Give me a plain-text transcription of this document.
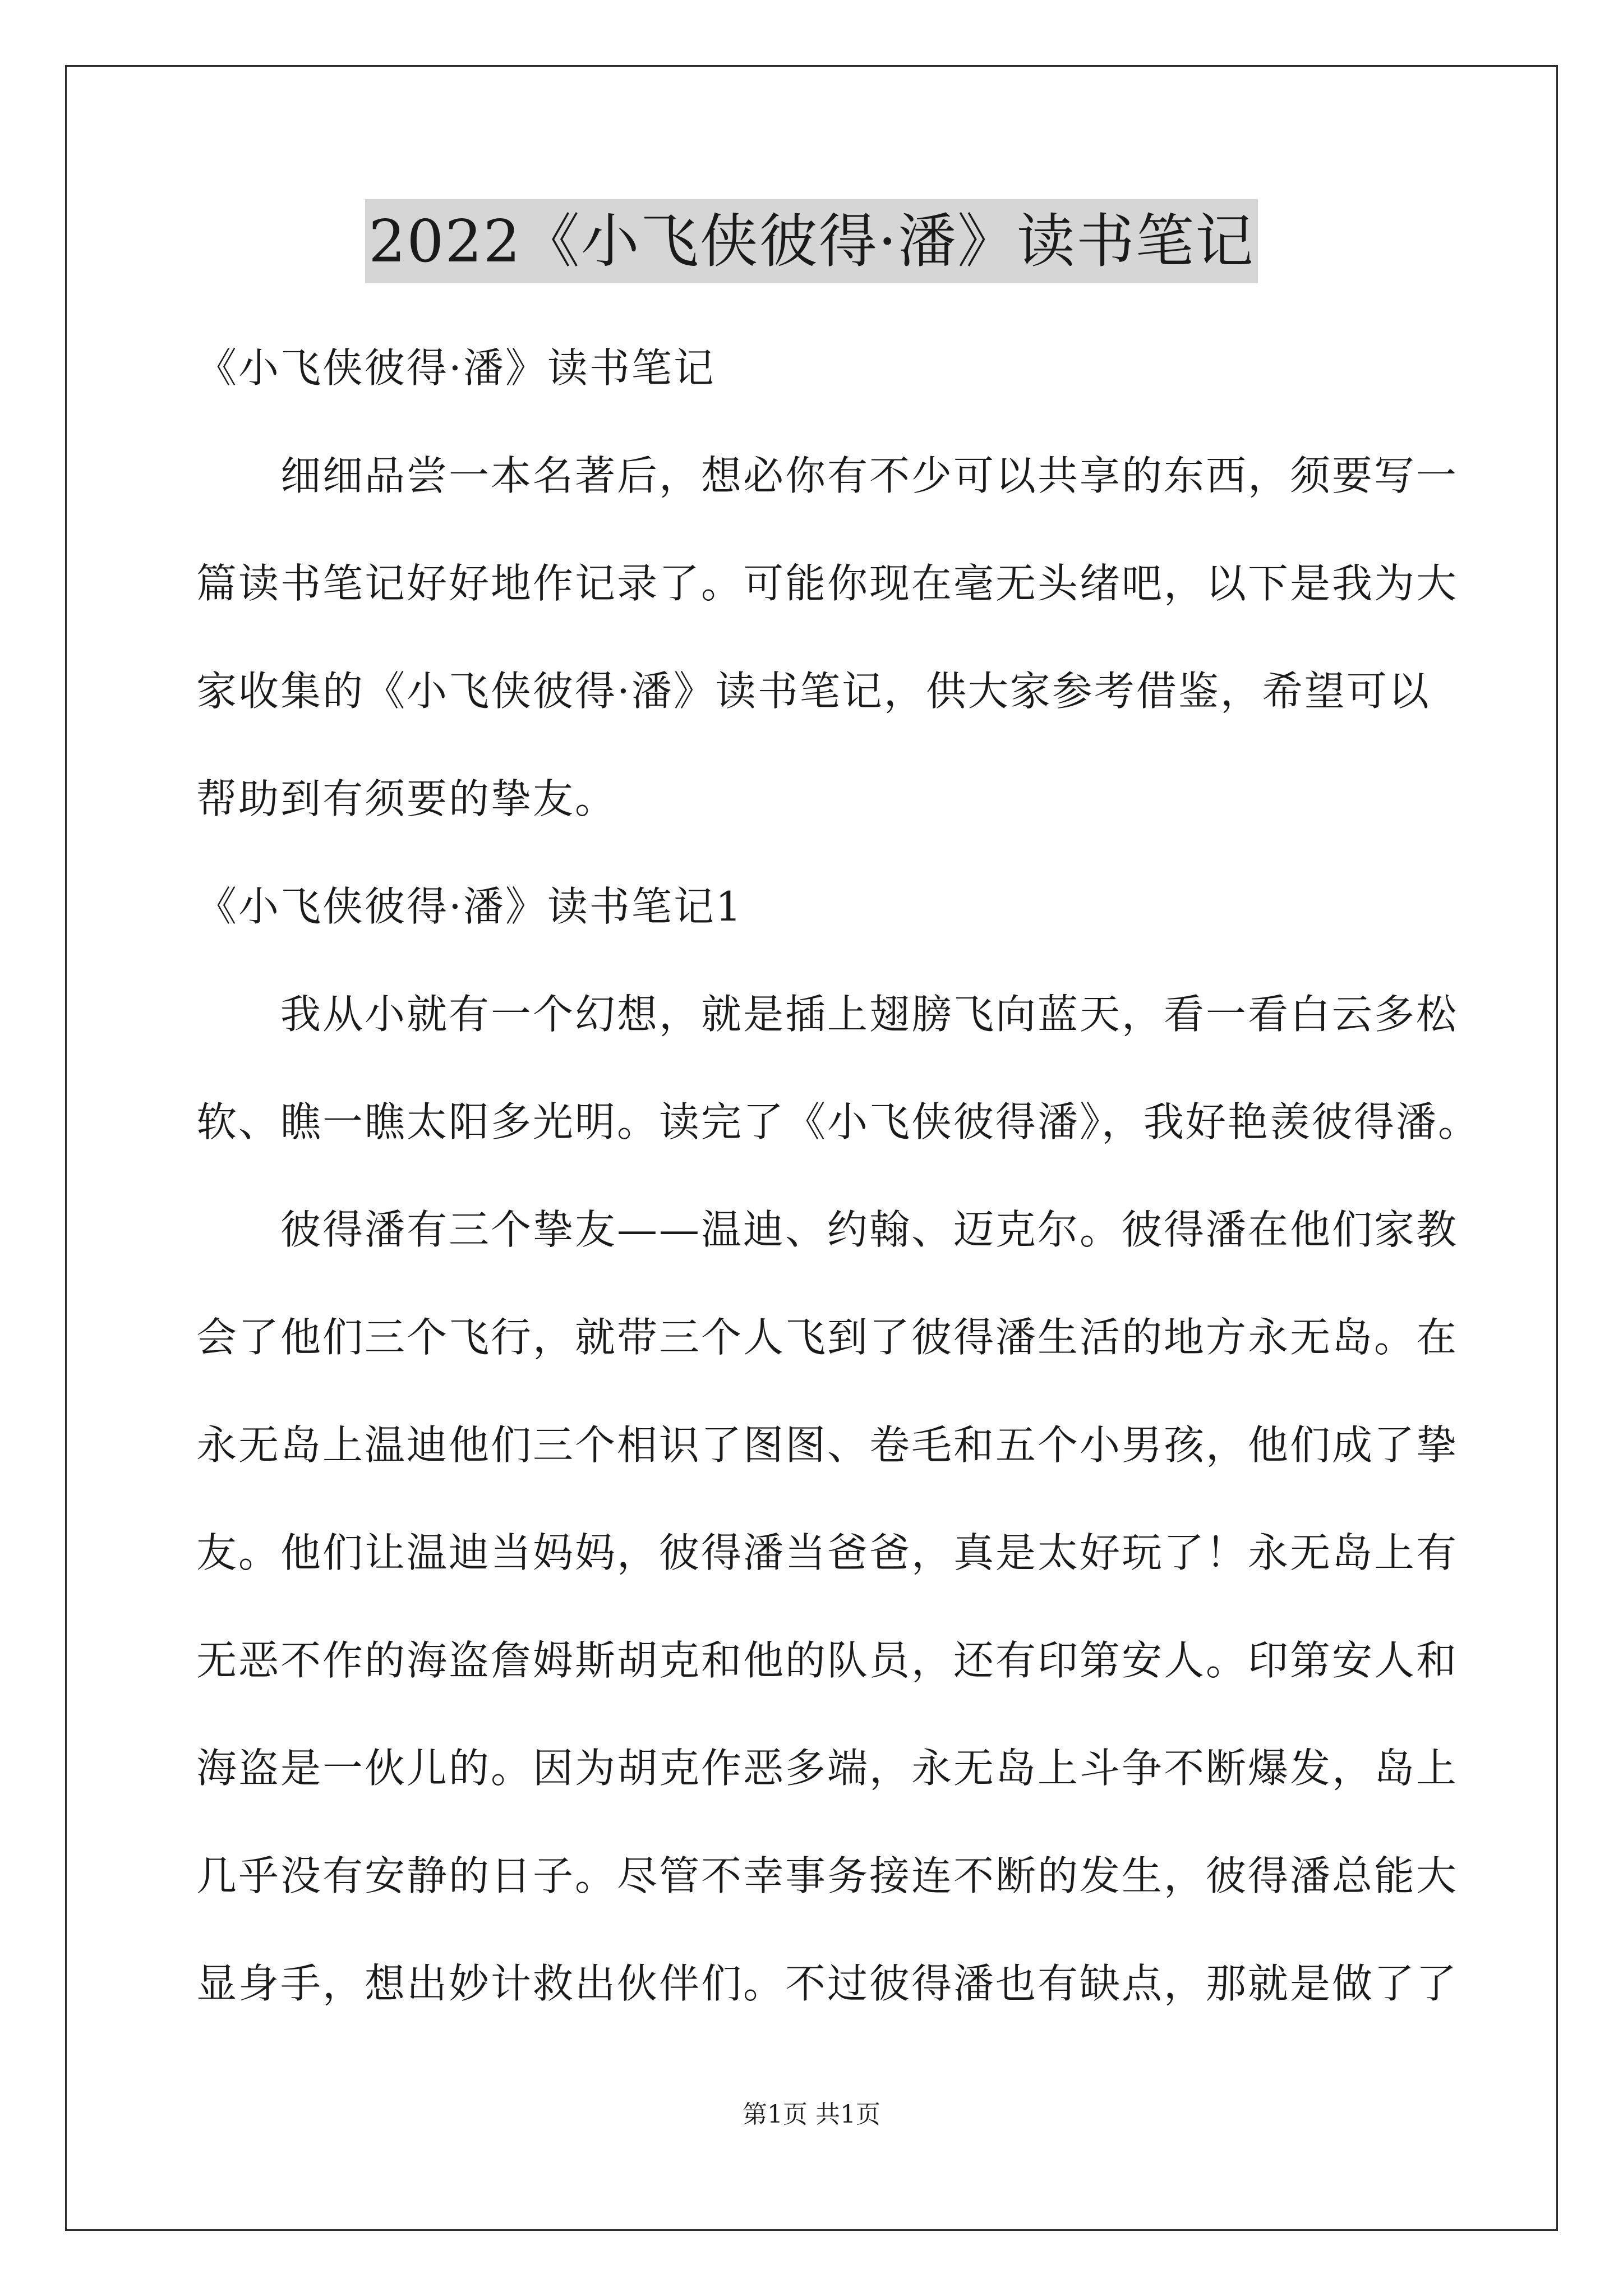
2022《小飞侠彼得·潘》读书笔记
《小飞侠彼得·潘》读书笔记
细细品尝一本名著后，想必你有不少可以共享的东西，须要写一
篇读书笔记好好地作记录了。可能你现在毫无头绪吧，以下是我为大
家收集的《小飞侠彼得·潘》读书笔记，供大家参考借鉴，希望可以
帮助到有须要的挚友。
《小飞侠彼得·潘》读书笔记1
我从小就有一个幻想，就是插上翅膀飞向蓝天，看一看白云多松
软、瞧一瞧太阳多光明。读完了《小飞侠彼得潘》，我好艳羡彼得潘。
彼得潘有三个挚友——温迪、约翰、迈克尔。彼得潘在他们家教
会了他们三个飞行，就带三个人飞到了彼得潘生活的地方永无岛。在
永无岛上温迪他们三个相识了图图、卷毛和五个小男孩，他们成了挚
友。他们让温迪当妈妈，彼得潘当爸爸，真是太好玩了！永无岛上有
无恶不作的海盗詹姆斯胡克和他的队员，还有印第安人。印第安人和
海盗是一伙儿的。因为胡克作恶多端，永无岛上斗争不断爆发，岛上
几乎没有安静的日子。尽管不幸事务接连不断的发生，彼得潘总能大
显身手，想出妙计救出伙伴们。不过彼得潘也有缺点，那就是做了了
第1页 共1页
